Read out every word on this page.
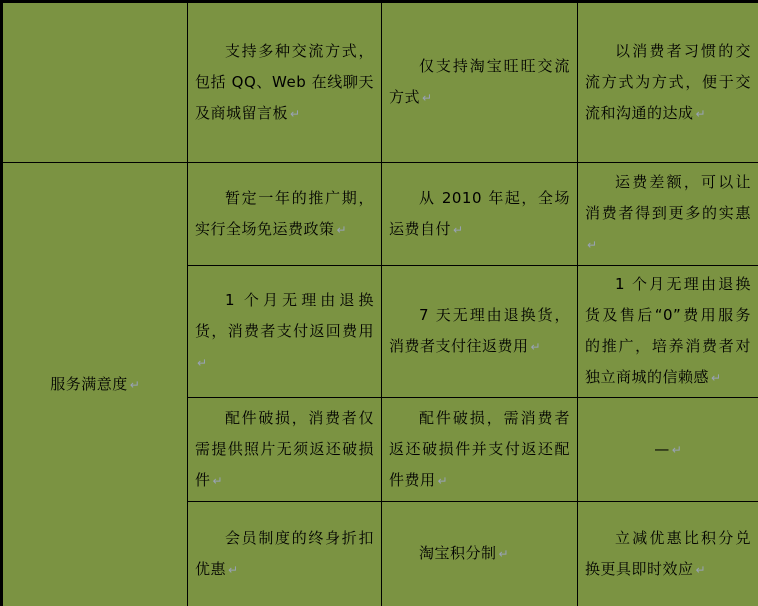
	支持多种交流方式，包括 QQ、Web 在线聊天及商城留言板 ↵	仅支持淘宝旺旺交流方式 ↵	以消费者习惯的交流方式为方式，便于交流和沟通的达成 ↵

服务满意度 ↵	暂定一年的推广期，实行全场免运费政策 ↵	从 2010 年起，全场运费自付 ↵	运费差额，可以让消费者得到更多的实惠↵

	1 个月无理由退换货，消费者支付返回费用↵	7 天无理由退换货，消费者支付往返费用 ↵	1 个月无理由退换货及售后“0”费用服务的推广，培养消费者对独立商城的信赖感 ↵

	配件破损，消费者仅需提供照片无须返还破损件 ↵	配件破损，需消费者返还破损件并支付返还配件费用 ↵	— ↵

	会员制度的终身折扣优惠 ↵	淘宝积分制 ↵	立减优惠比积分兑换更具即时效应 ↵
